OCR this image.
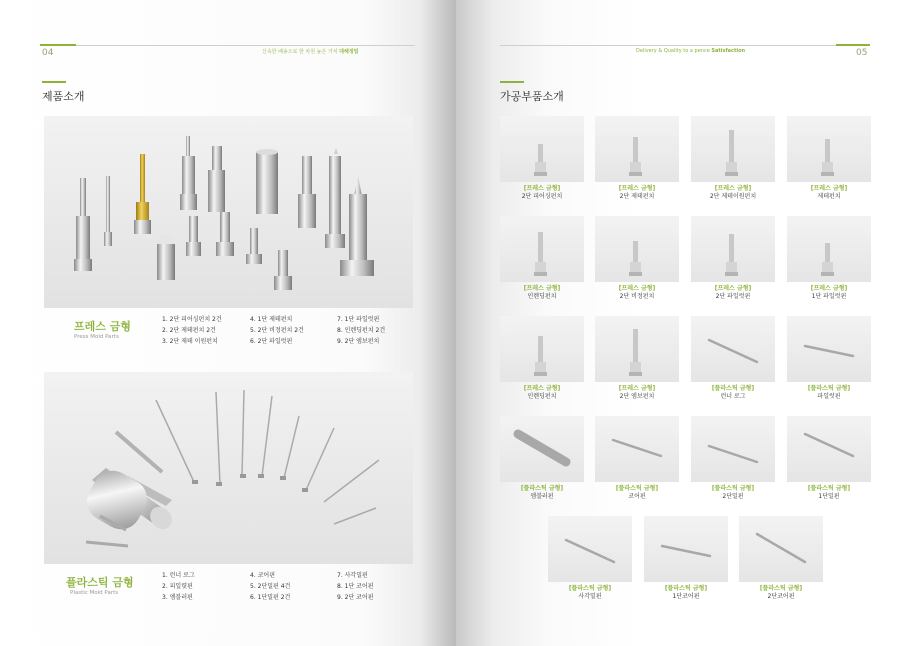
04	신속한 배송으로 한 차원 높은 가치 대해정밀
제품소개
프레스 금형
Press Mold Parts
1. 2단 피어싱펀치 2건
2. 2단 제테펀치 2건
3. 2단 제테 이원펀치
4. 1단 제테펀치
5. 2단 비정펀치 2건
6. 2단 파일럿핀
7. 1단 파일럿핀
8. 인렌딩펀치 2건
9. 2단 엠보펀치
플라스틱 금형
Plastic Mold Parts
1. 런너 로그
2. 피일렷핀
3. 엠블러핀
4. 코어핀
5. 2단밀핀 4건
6. 1단밀핀 2건
7. 사각밀핀
8. 1단 코어핀
9. 2단 코어핀
05
Delivery & Quality to a pence Satisfaction
가공부품소개
[프레스 금형]
2단 피어싱펀치
[프레스 금형]
2단 제테펀치
[프레스 금형]
2단 제테이원펀치
[프레스 금형]
제테펀치
[프레스 금형]
인렌딩펀치
[프레스 금형]
2단 비정펀치
[프레스 금형]
2단 파일럿핀
[프레스 금형]
1단 파일럿핀
[프레스 금형]
인렌딩펀치
[프레스 금형]
2단 엠보펀치
[플라스틱 금형]
런너 로그
[플라스틱 금형]
파일럿핀
[플라스틱 금형]
엠블러핀
[플라스틱 금형]
코어핀
[플라스틱 금형]
2단밀핀
[플라스틱 금형]
1단밀핀
[플라스틱 금형]
사각밀핀
[플라스틱 금형]
1단코어핀
[플라스틱 금형]
2단코어핀
